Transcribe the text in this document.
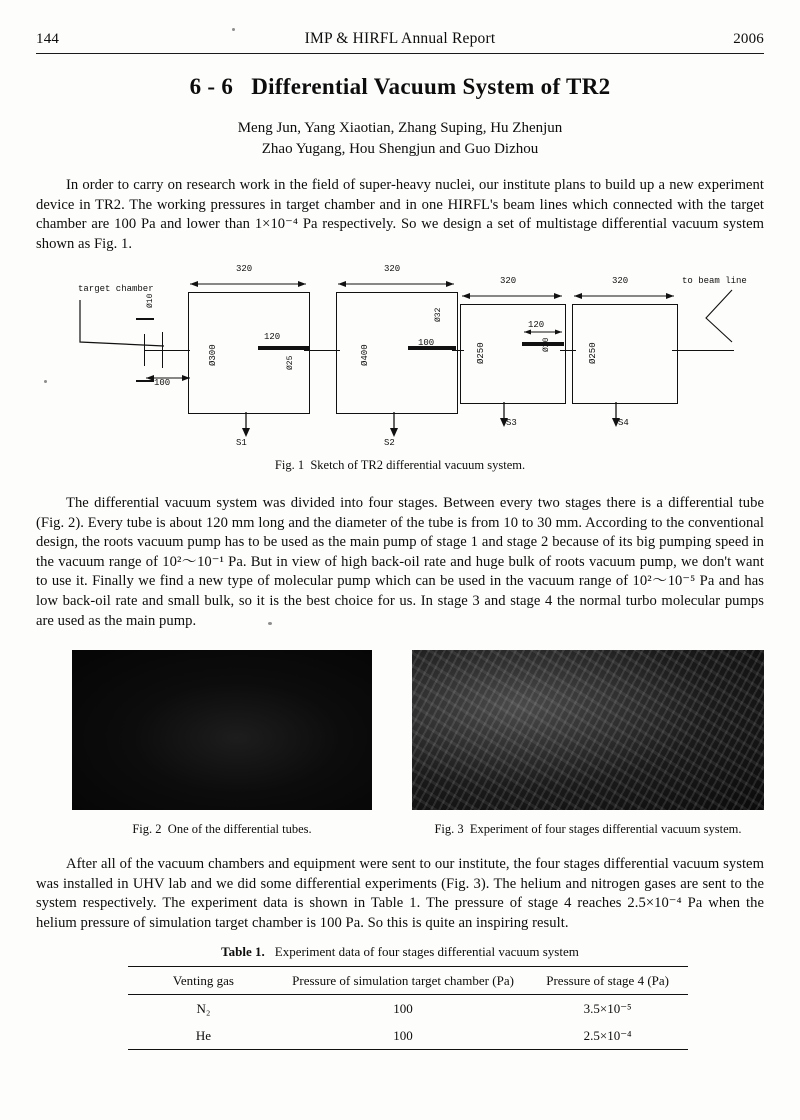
144	IMP & HIRFL Annual Report	2006
6 - 6 Differential Vacuum System of TR2
Meng Jun, Yang Xiaotian, Zhang Suping, Hu Zhenjun
Zhao Yugang, Hou Shengjun and Guo Dizhou

In order to carry on research work in the field of super-heavy nuclei, our institute plans to build up a new experiment device in TR2. The working pressures in target chamber and in one HIRFL's beam lines which connected with the target chamber are 100 Pa and lower than 1×10⁻⁴ Pa respectively. So we design a set of multistage differential vacuum system shown as Fig. 1.

target chamber
to beam line
320	320
320	320
100
100
120
120
Ø10
Ø300	Ø25	Ø400
Ø32
Ø250	Ø20	Ø250
S1	S2
S3	S4
Fig. 1 Sketch of TR2 differential vacuum system.

The differential vacuum system was divided into four stages. Between every two stages there is a differential tube (Fig. 2). Every tube is about 120 mm long and the diameter of the tube is from 10 to 30 mm. According to the conventional design, the roots vacuum pump has to be used as the main pump of stage 1 and stage 2 because of its big pumping speed in the vacuum range of 10²～10⁻¹ Pa. But in view of high back-oil rate and huge bulk of roots vacuum pump, we don't want to use it. Finally we find a new type of molecular pump which can be used in the vacuum range of 10²～10⁻⁵ Pa and has low back-oil rate and small bulk, so it is the best choice for us. In stage 3 and stage 4 the normal turbo molecular pumps are used as the main pump.

Fig. 2 One of the differential tubes.	Fig. 3 Experiment of four stages differential vacuum system.

After all of the vacuum chambers and equipment were sent to our institute, the four stages differential vacuum system was installed in UHV lab and we did some differential experiments (Fig. 3). The helium and nitrogen gases are sent to the system respectively. The experiment data is shown in Table 1. The pressure of stage 4 reaches 2.5×10⁻⁴ Pa when the helium pressure of simulation target chamber is 100 Pa. So this is quite an inspiring result.

Table 1. Experiment data of four stages differential vacuum system
Venting gas	Pressure of simulation target chamber (Pa)	Pressure of stage 4 (Pa)
N₂	100	3.5×10⁻⁵
He	100	2.5×10⁻⁴
